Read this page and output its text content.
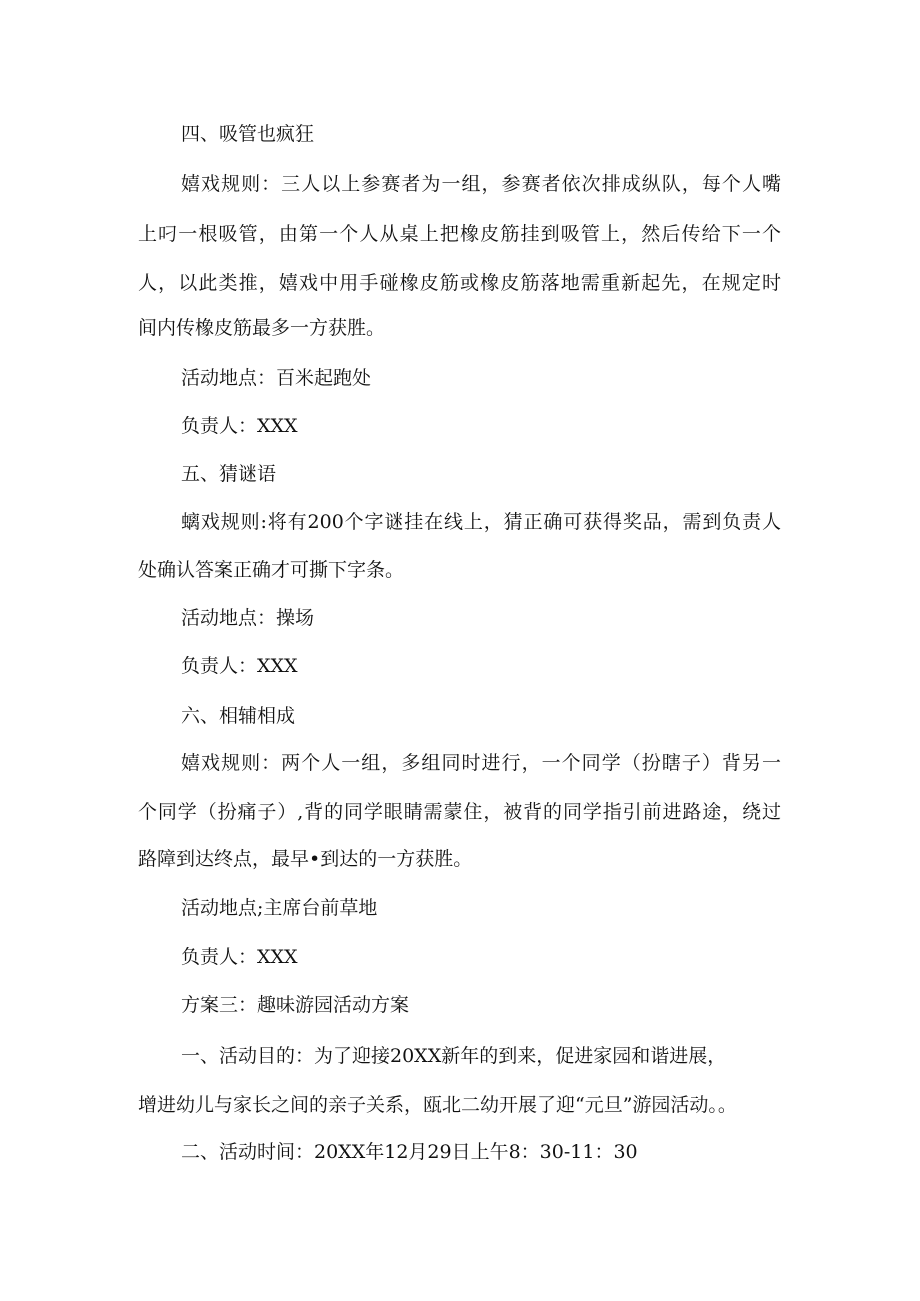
四、吸管也疯狂
嬉戏规则：三人以上参赛者为一组，参赛者依次排成纵队，每个人嘴
上叼一根吸管，由第一个人从桌上把橡皮筋挂到吸管上，然后传给下一个
人，以此类推，嬉戏中用手碰橡皮筋或橡皮筋落地需重新起先，在规定时
间内传橡皮筋最多一方获胜。
活动地点：百米起跑处
负责人：XXX
五、猜谜语
螭戏规则:将有200个字谜挂在线上，猜正确可获得奖品，需到负责人
处确认答案正确才可撕下字条。
活动地点：操场
负责人：XXX
六、相辅相成
嬉戏规则：两个人一组，多组同时进行，一个同学（扮瞎子）背另一
个同学（扮痛子）,背的同学眼睛需蒙住，被背的同学指引前进路途，绕过
路障到达终点，最早•到达的一方获胜。
活动地点;主席台前草地
负责人：XXX
方案三：趣味游园活动方案
一、活动目的：为了迎接20XX新年的到来，促进家园和谐进展，
增进幼儿与家长之间的亲子关系，瓯北二幼开展了迎“元旦”游园活动。。
二、活动时间：20XX年12月29日上午8：30-11：30
